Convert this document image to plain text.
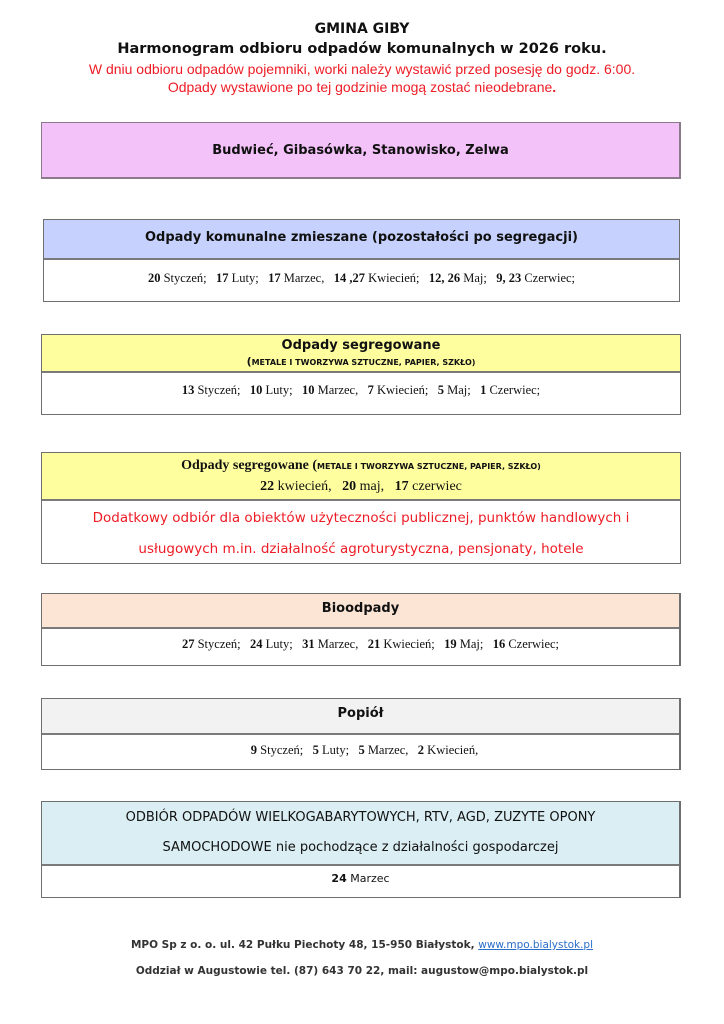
GMINA GIBY
Harmonogram odbioru odpadów komunalnych w 2026 roku.
W dniu odbioru odpadów pojemniki, worki należy wystawić przed posesję do godz. 6:00.
Odpady wystawione po tej godzinie mogą zostać nieodebrane.
Budwieć, Gibasówka, Stanowisko, Zelwa
Odpady komunalne zmieszane (pozostałości po segregacji)
20 Styczeń; 17 Luty; 17 Marzec, 14 ,27 Kwiecień; 12, 26 Maj; 9, 23 Czerwiec;
Odpady segregowane
(METALE I TWORZYWA SZTUCZNE, PAPIER, SZKŁO)
13 Styczeń; 10 Luty; 10 Marzec, 7 Kwiecień; 5 Maj; 1 Czerwiec;
Odpady segregowane (METALE I TWORZYWA SZTUCZNE, PAPIER, SZKŁO)
22 kwiecień, 20 maj, 17 czerwiec
Dodatkowy odbiór dla obiektów użyteczności publicznej, punktów handlowych i
usługowych m.in. działalność agroturystyczna, pensjonaty, hotele
Bioodpady
27 Styczeń; 24 Luty; 31 Marzec, 21 Kwiecień; 19 Maj; 16 Czerwiec;
Popiół
9 Styczeń; 5 Luty; 5 Marzec, 2 Kwiecień,
ODBIÓR ODPADÓW WIELKOGABARYTOWYCH, RTV, AGD, ZUZYTE OPONY
SAMOCHODOWE nie pochodzące z działalności gospodarczej
24 Marzec
MPO Sp z o. o. ul. 42 Pułku Piechoty 48, 15-950 Białystok, www.mpo.bialystok.pl
Oddział w Augustowie tel. (87) 643 70 22, mail: augustow@mpo.bialystok.pl
